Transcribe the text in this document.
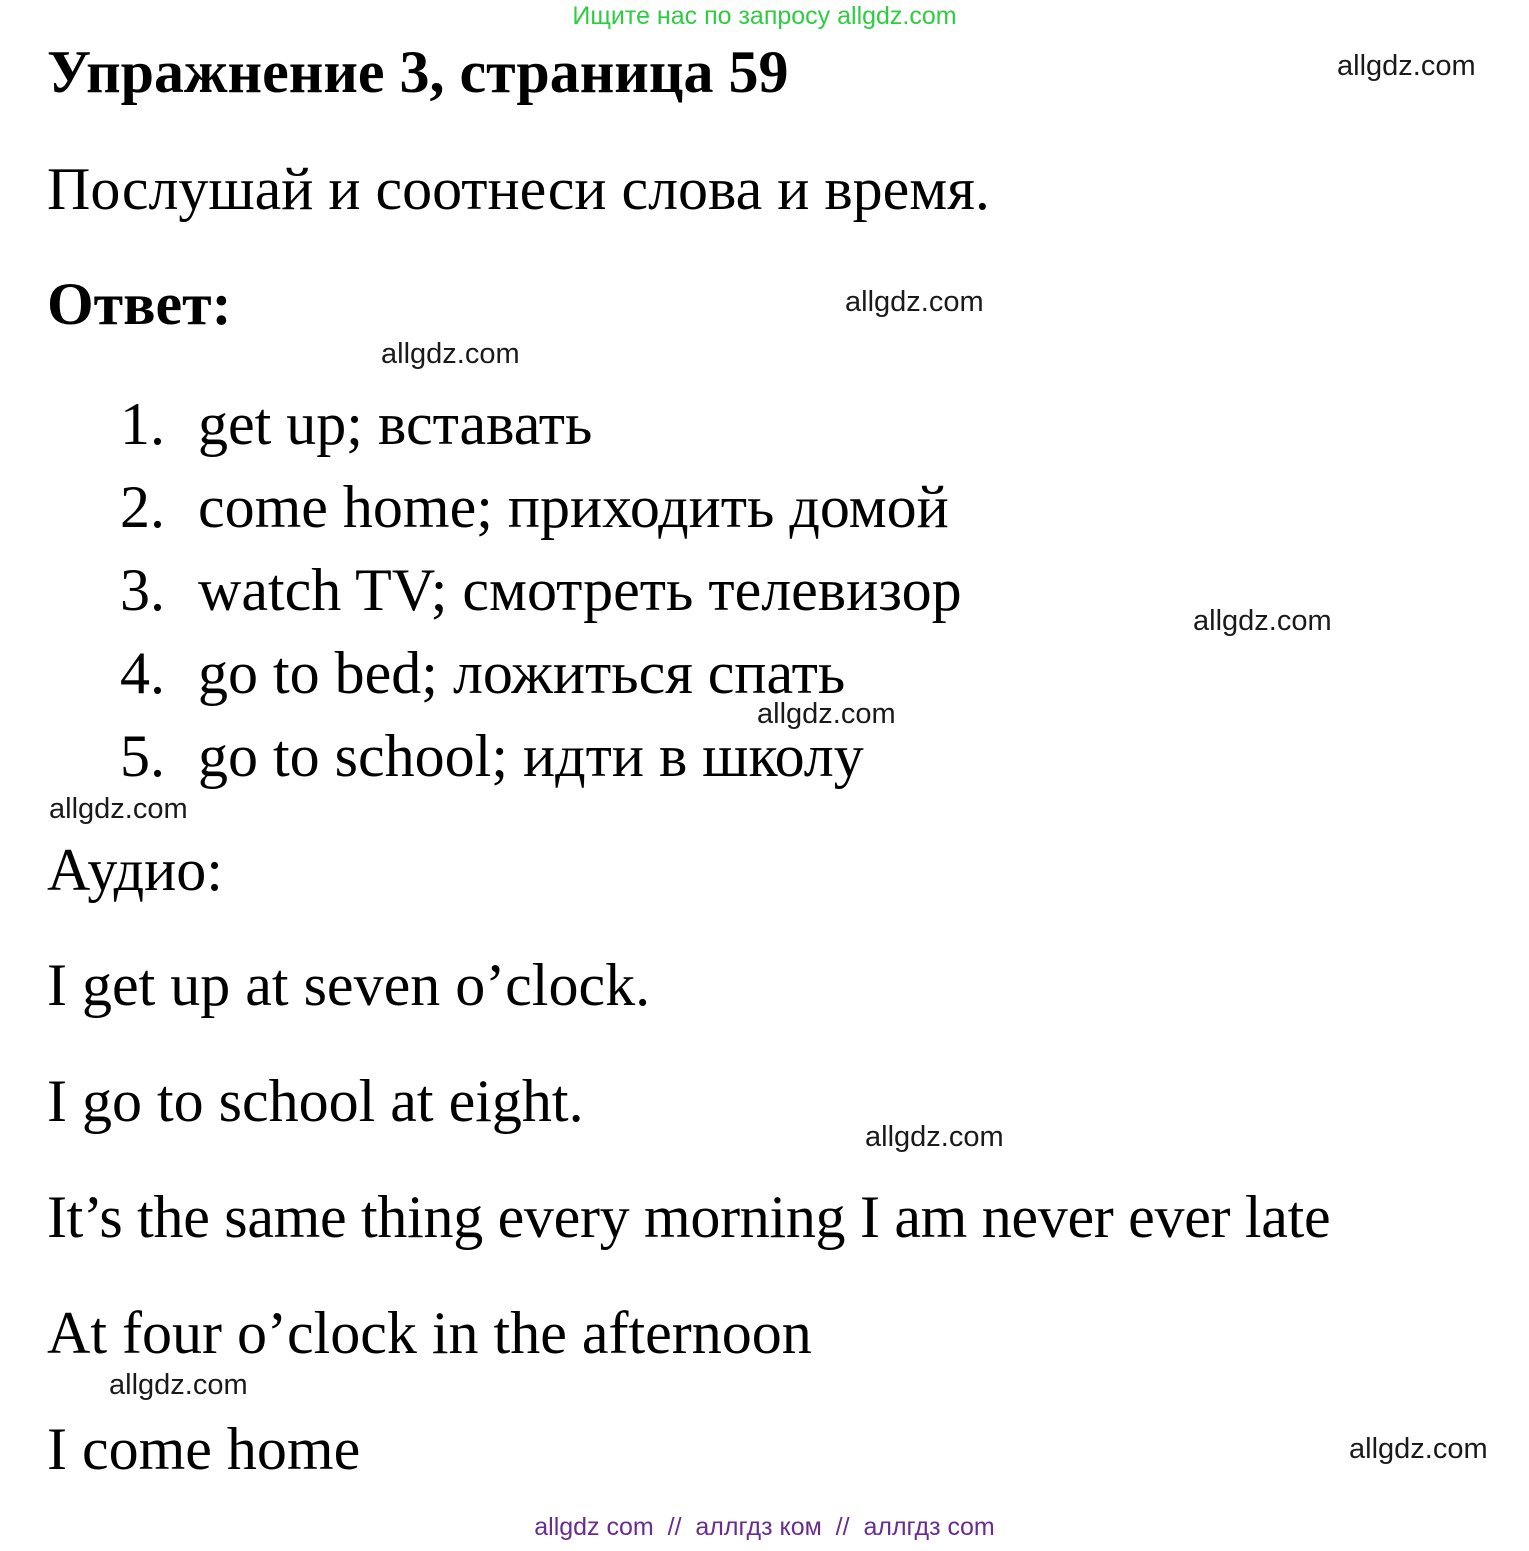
Ищите нас по запросу allgdz.com
Упражнение 3, страница 59	allgdz.com
Послушай и соотнеси слова и время.
Ответ:	allgdz.com
allgdz.com
1. get up; вставать
2. come home; приходить домой
3. watch TV; смотреть телевизор	allgdz.com
4. go to bed; ложиться спать
allgdz.com
5. go to school; идти в школу
allgdz.com
Аудио:
I get up at seven o’clock.
I go to school at eight.
allgdz.com
It’s the same thing every morning I am never ever late
At four o’clock in the afternoon
allgdz.com
I come home	allgdz.com
allgdz com  //  аллгдз ком  //  аллгдз com
